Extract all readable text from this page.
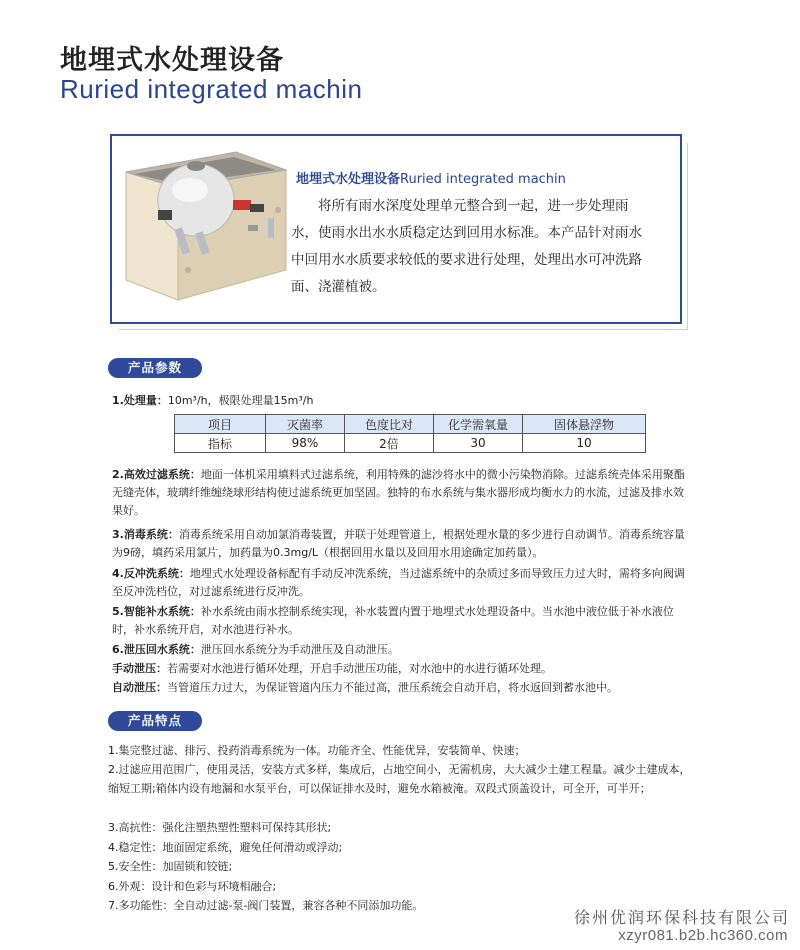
地埋式水处理设备
Ruried integrated machin
地埋式水处理设备Ruried integrated machin
将所有雨水深度处理单元整合到一起，进一步处理雨水，使雨水出水水质稳定达到回用水标准。本产品针对雨水中回用水水质要求较低的要求进行处理，处理出水可冲洗路面、浇灌植被。
产品参数
1.处理量：10m³/h，极限处理量15m³/h
项目	灭菌率	色度比对	化学需氧量	固体悬浮物
指标	98%	2倍	30	10
2.高效过滤系统：地面一体机采用填料式过滤系统，利用特殊的滤沙将水中的微小污染物消除。过滤系统壳体采用聚酯无缝壳体，玻璃纤维缠绕球形结构使过滤系统更加坚固。独特的布水系统与集水器形成均衡水力的水流，过滤及排水效果好。
3.消毒系统：消毒系统采用自动加氯消毒装置，并联于处理管道上，根据处理水量的多少进行自动调节。消毒系统容量为9磅，填药采用氯片，加药量为0.3mg/L（根据回用水量以及回用水用途确定加药量）。
4.反冲洗系统：地埋式水处理设备标配有手动反冲洗系统，当过滤系统中的杂质过多而导致压力过大时，需将多向阀调至反冲洗档位，对过滤系统进行反冲洗。
5.智能补水系统：补水系统由雨水控制系统实现，补水装置内置于地埋式水处理设备中。当水池中液位低于补水液位时，补水系统开启，对水池进行补水。
6.泄压回水系统：泄压回水系统分为手动泄压及自动泄压。
手动泄压：若需要对水池进行循环处理，开启手动泄压功能，对水池中的水进行循环处理。
自动泄压：当管道压力过大，为保证管道内压力不能过高，泄压系统会自动开启，将水返回到蓄水池中。
产品特点
1.集完整过滤、排污、投药消毒系统为一体。功能齐全、性能优异，安装简单、快速；
2.过滤应用范围广，使用灵活，安装方式多样，集成后，占地空间小，无需机房，大大减少土建工程量。减少土建成本，缩短工期;箱体内设有地漏和水泵平台，可以保证排水及时，避免水箱被淹。双段式顶盖设计，可全开，可半开；
3.高抗性：强化注塑热塑性塑料可保持其形状;
4.稳定性：地面固定系统，避免任何滑动或浮动;
5.安全性：加固锁和铰链;
6.外观：设计和色彩与环境相融合;
7.多功能性：全自动过滤-泵-阀门装置，兼容各种不同添加功能。
徐州优润环保科技有限公司
xzyr081.b2b.hc360.com
